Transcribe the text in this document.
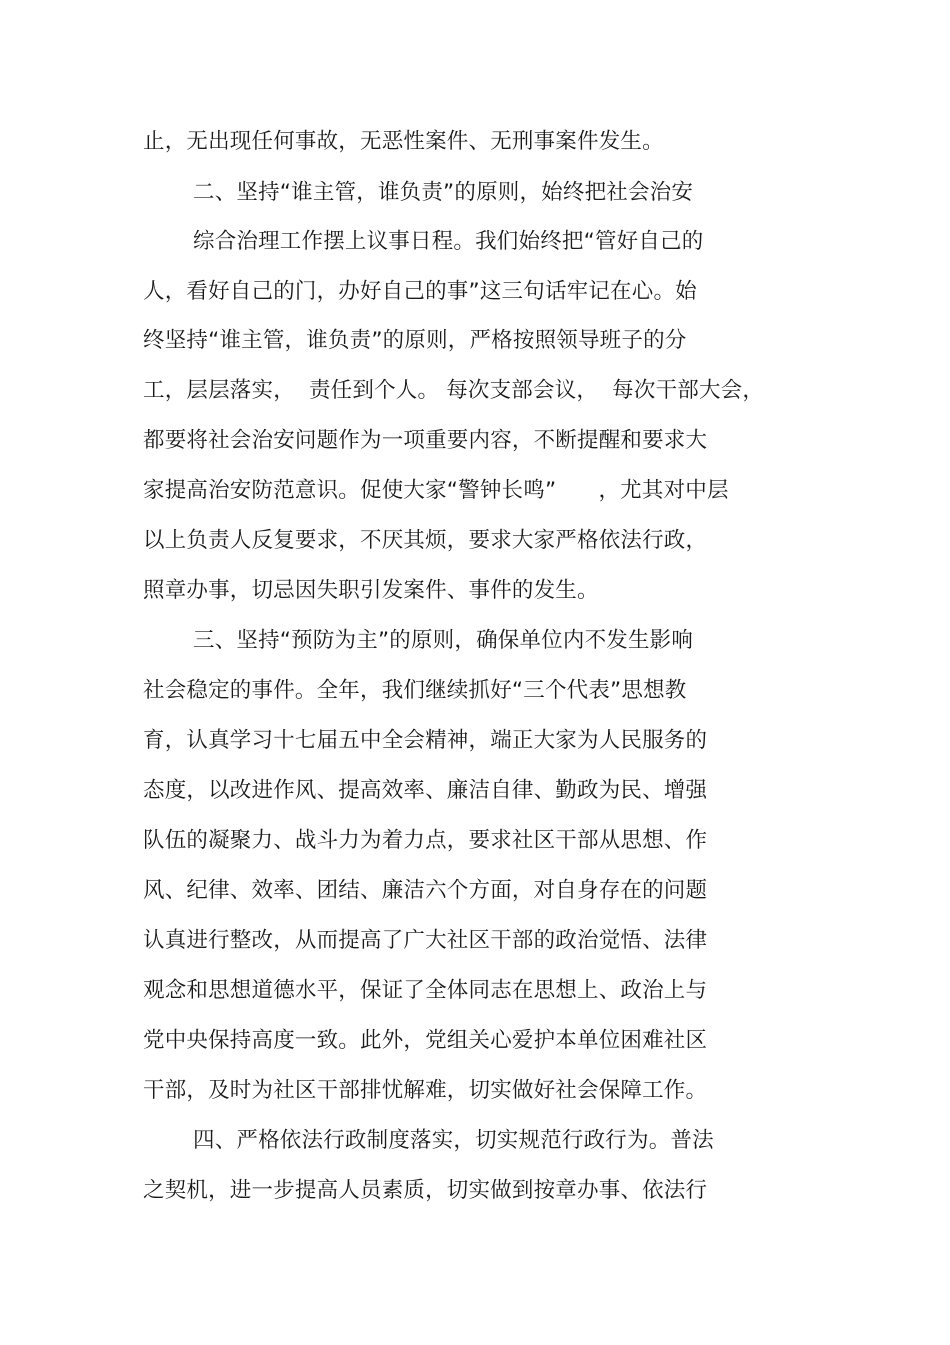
止，无出现任何事故，无恶性案件、无刑事案件发生。
二、坚持“谁主管，谁负责”的原则，始终把社会治安
综合治理工作摆上议事日程。我们始终把“管好自己的
人，看好自己的门，办好自己的事”这三句话牢记在心。始
终坚持“谁主管，谁负责”的原则，严格按照领导班子的分
工，层层落实，  责任到个人。 每次支部会议，  每次干部大会，
都要将社会治安问题作为一项重要内容，不断提醒和要求大
家提高治安防范意识。促使大家“警钟长鸣”      ，尤其对中层
以上负责人反复要求，不厌其烦，要求大家严格依法行政，
照章办事，切忌因失职引发案件、事件的发生。
三、坚持“预防为主”的原则，确保单位内不发生影响
社会稳定的事件。全年，我们继续抓好“三个代表”思想教
育，认真学习十七届五中全会精神，端正大家为人民服务的
态度，以改进作风、提高效率、廉洁自律、勤政为民、增强
队伍的凝聚力、战斗力为着力点，要求社区干部从思想、作
风、纪律、效率、团结、廉洁六个方面，对自身存在的问题
认真进行整改，从而提高了广大社区干部的政治觉悟、法律
观念和思想道德水平，保证了全体同志在思想上、政治上与
党中央保持高度一致。此外，党组关心爱护本单位困难社区
干部，及时为社区干部排忧解难，切实做好社会保障工作。
四、严格依法行政制度落实，切实规范行政行为。普法
之契机，进一步提高人员素质，切实做到按章办事、依法行
